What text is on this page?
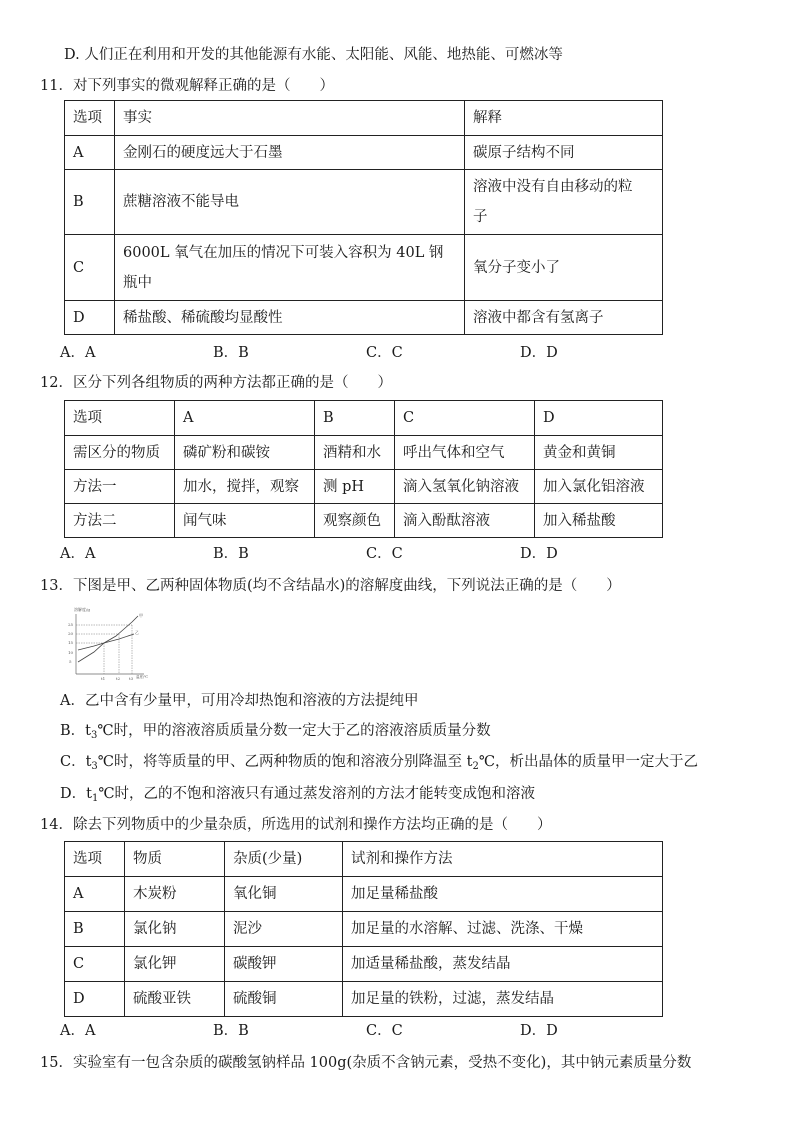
D. 人们正在利用和开发的其他能源有水能、太阳能、风能、地热能、可燃冰等
11．对下列事实的微观解释正确的是（　　）
选项	事实	解释
A	金刚石的硬度远大于石墨	碳原子结构不同
B	蔗糖溶液不能导电	溶液中没有自由移动的粒
子

C	6000L 氧气在加压的情况下可装入容积为 40L 钢
瓶中	氧分子变小了
D	稀盐酸、稀硫酸均显酸性	溶液中都含有氢离子
A．A	B．B	C．C	D．D
12．区分下列各组物质的两种方法都正确的是（　　）
选项	A	B	C	D
需区分的物质	磷矿粉和碳铵	酒精和水	呼出气体和空气	黄金和黄铜
方法一	加水，搅拌，观察	测 pH	滴入氢氧化钠溶液	加入氯化铝溶液
方法二	闻气味	观察颜色	滴入酚酞溶液	加入稀盐酸
A．A	B．B	C．C	D．D
13．下图是甲、乙两种固体物质(均不含结晶水)的溶解度曲线，下列说法正确的是（　　）
溶解度/g
25
20
15
10
5
甲
乙
t1	t2 t3 温度/℃
A．乙中含有少量甲，可用冷却热饱和溶液的方法提纯甲
B．$t_3℃$时，甲的溶液溶质质量分数一定大于乙的溶液溶质质量分数
C．$t_3℃$时，将等质量的甲、乙两种物质的饱和溶液分别降温至 $t_2℃$，析出晶体的质量甲一定大于乙
D．$t_1℃$时，乙的不饱和溶液只有通过蒸发溶剂的方法才能转变成饱和溶液
14．除去下列物质中的少量杂质，所选用的试剂和操作方法均正确的是（　　）
选项	物质	杂质(少量)	试剂和操作方法
A	木炭粉	氧化铜	加足量稀盐酸
B	氯化钠	泥沙	加足量的水溶解、过滤、洗涤、干燥
C	氯化钾	碳酸钾	加适量稀盐酸，蒸发结晶
D	硫酸亚铁	硫酸铜	加足量的铁粉，过滤，蒸发结晶
A．A	B．B	C．C	D．D
15．实验室有一包含杂质的碳酸氢钠样品 100g(杂质不含钠元素，受热不变化)，其中钠元素质量分数
